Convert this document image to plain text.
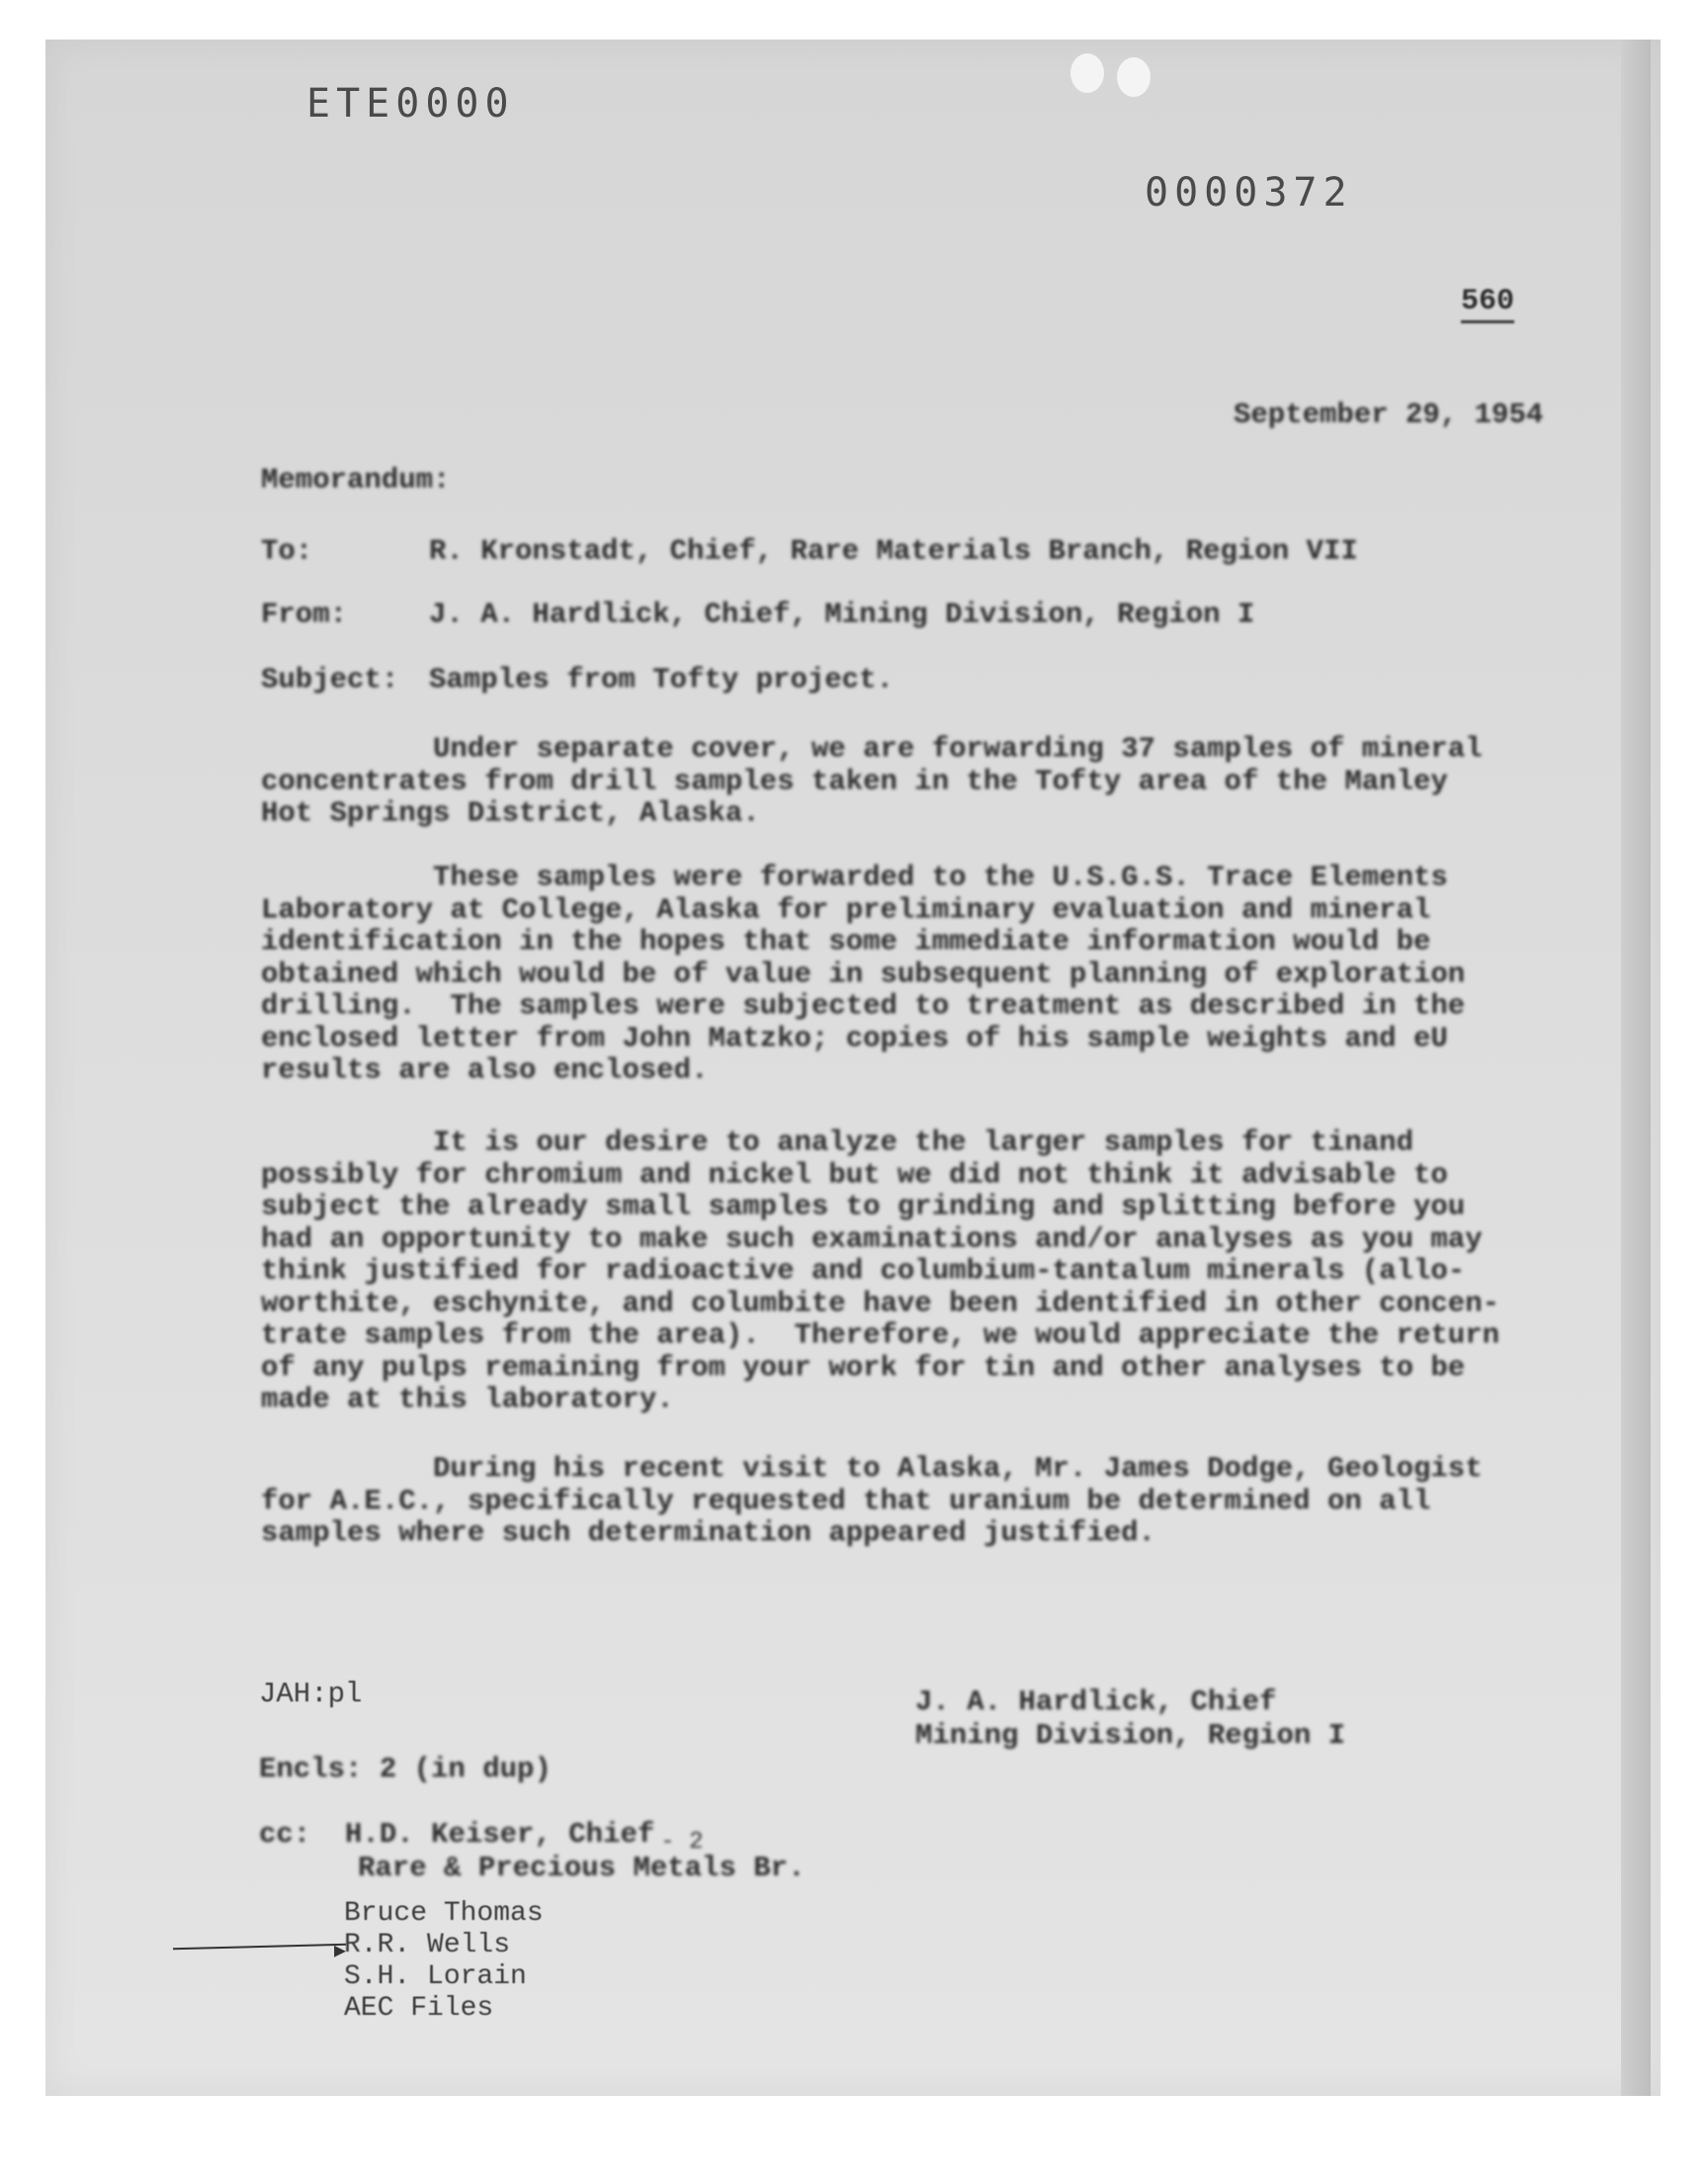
ETE0000
0000372
560
September 29, 1954
Memorandum:
To:	R. Kronstadt, Chief, Rare Materials Branch, Region VII
From:	J. A. Hardlick, Chief, Mining Division, Region I
Subject: Samples from Tofty project.
Under separate cover, we are forwarding 37 samples of mineral
concentrates from drill samples taken in the Tofty area of the Manley
Hot Springs District, Alaska.
These samples were forwarded to the U.S.G.S. Trace Elements
Laboratory at College, Alaska for preliminary evaluation and mineral
identification in the hopes that some immediate information would be
obtained which would be of value in subsequent planning of exploration
drilling.  The samples were subjected to treatment as described in the
enclosed letter from John Matzko; copies of his sample weights and eU
results are also enclosed.
It is our desire to analyze the larger samples for tinand
possibly for chromium and nickel but we did not think it advisable to
subject the already small samples to grinding and splitting before you
had an opportunity to make such examinations and/or analyses as you may
think justified for radioactive and columbium-tantalum minerals (allo-
worthite, eschynite, and columbite have been identified in other concen-
trate samples from the area).  Therefore, we would appreciate the return
of any pulps remaining from your work for tin and other analyses to be
made at this laboratory.
During his recent visit to Alaska, Mr. James Dodge, Geologist
for A.E.C., specifically requested that uranium be determined on all
samples where such determination appeared justified.
JAH:pl	J. A. Hardlick, Chief
Mining Division, Region I
Encls: 2 (in dup)
cc: H.D. Keiser, Chief $_{- 2}$
Rare & Precious Metals Br.
Bruce Thomas
R.R. Wells
S.H. Lorain
AEC Files
▶
